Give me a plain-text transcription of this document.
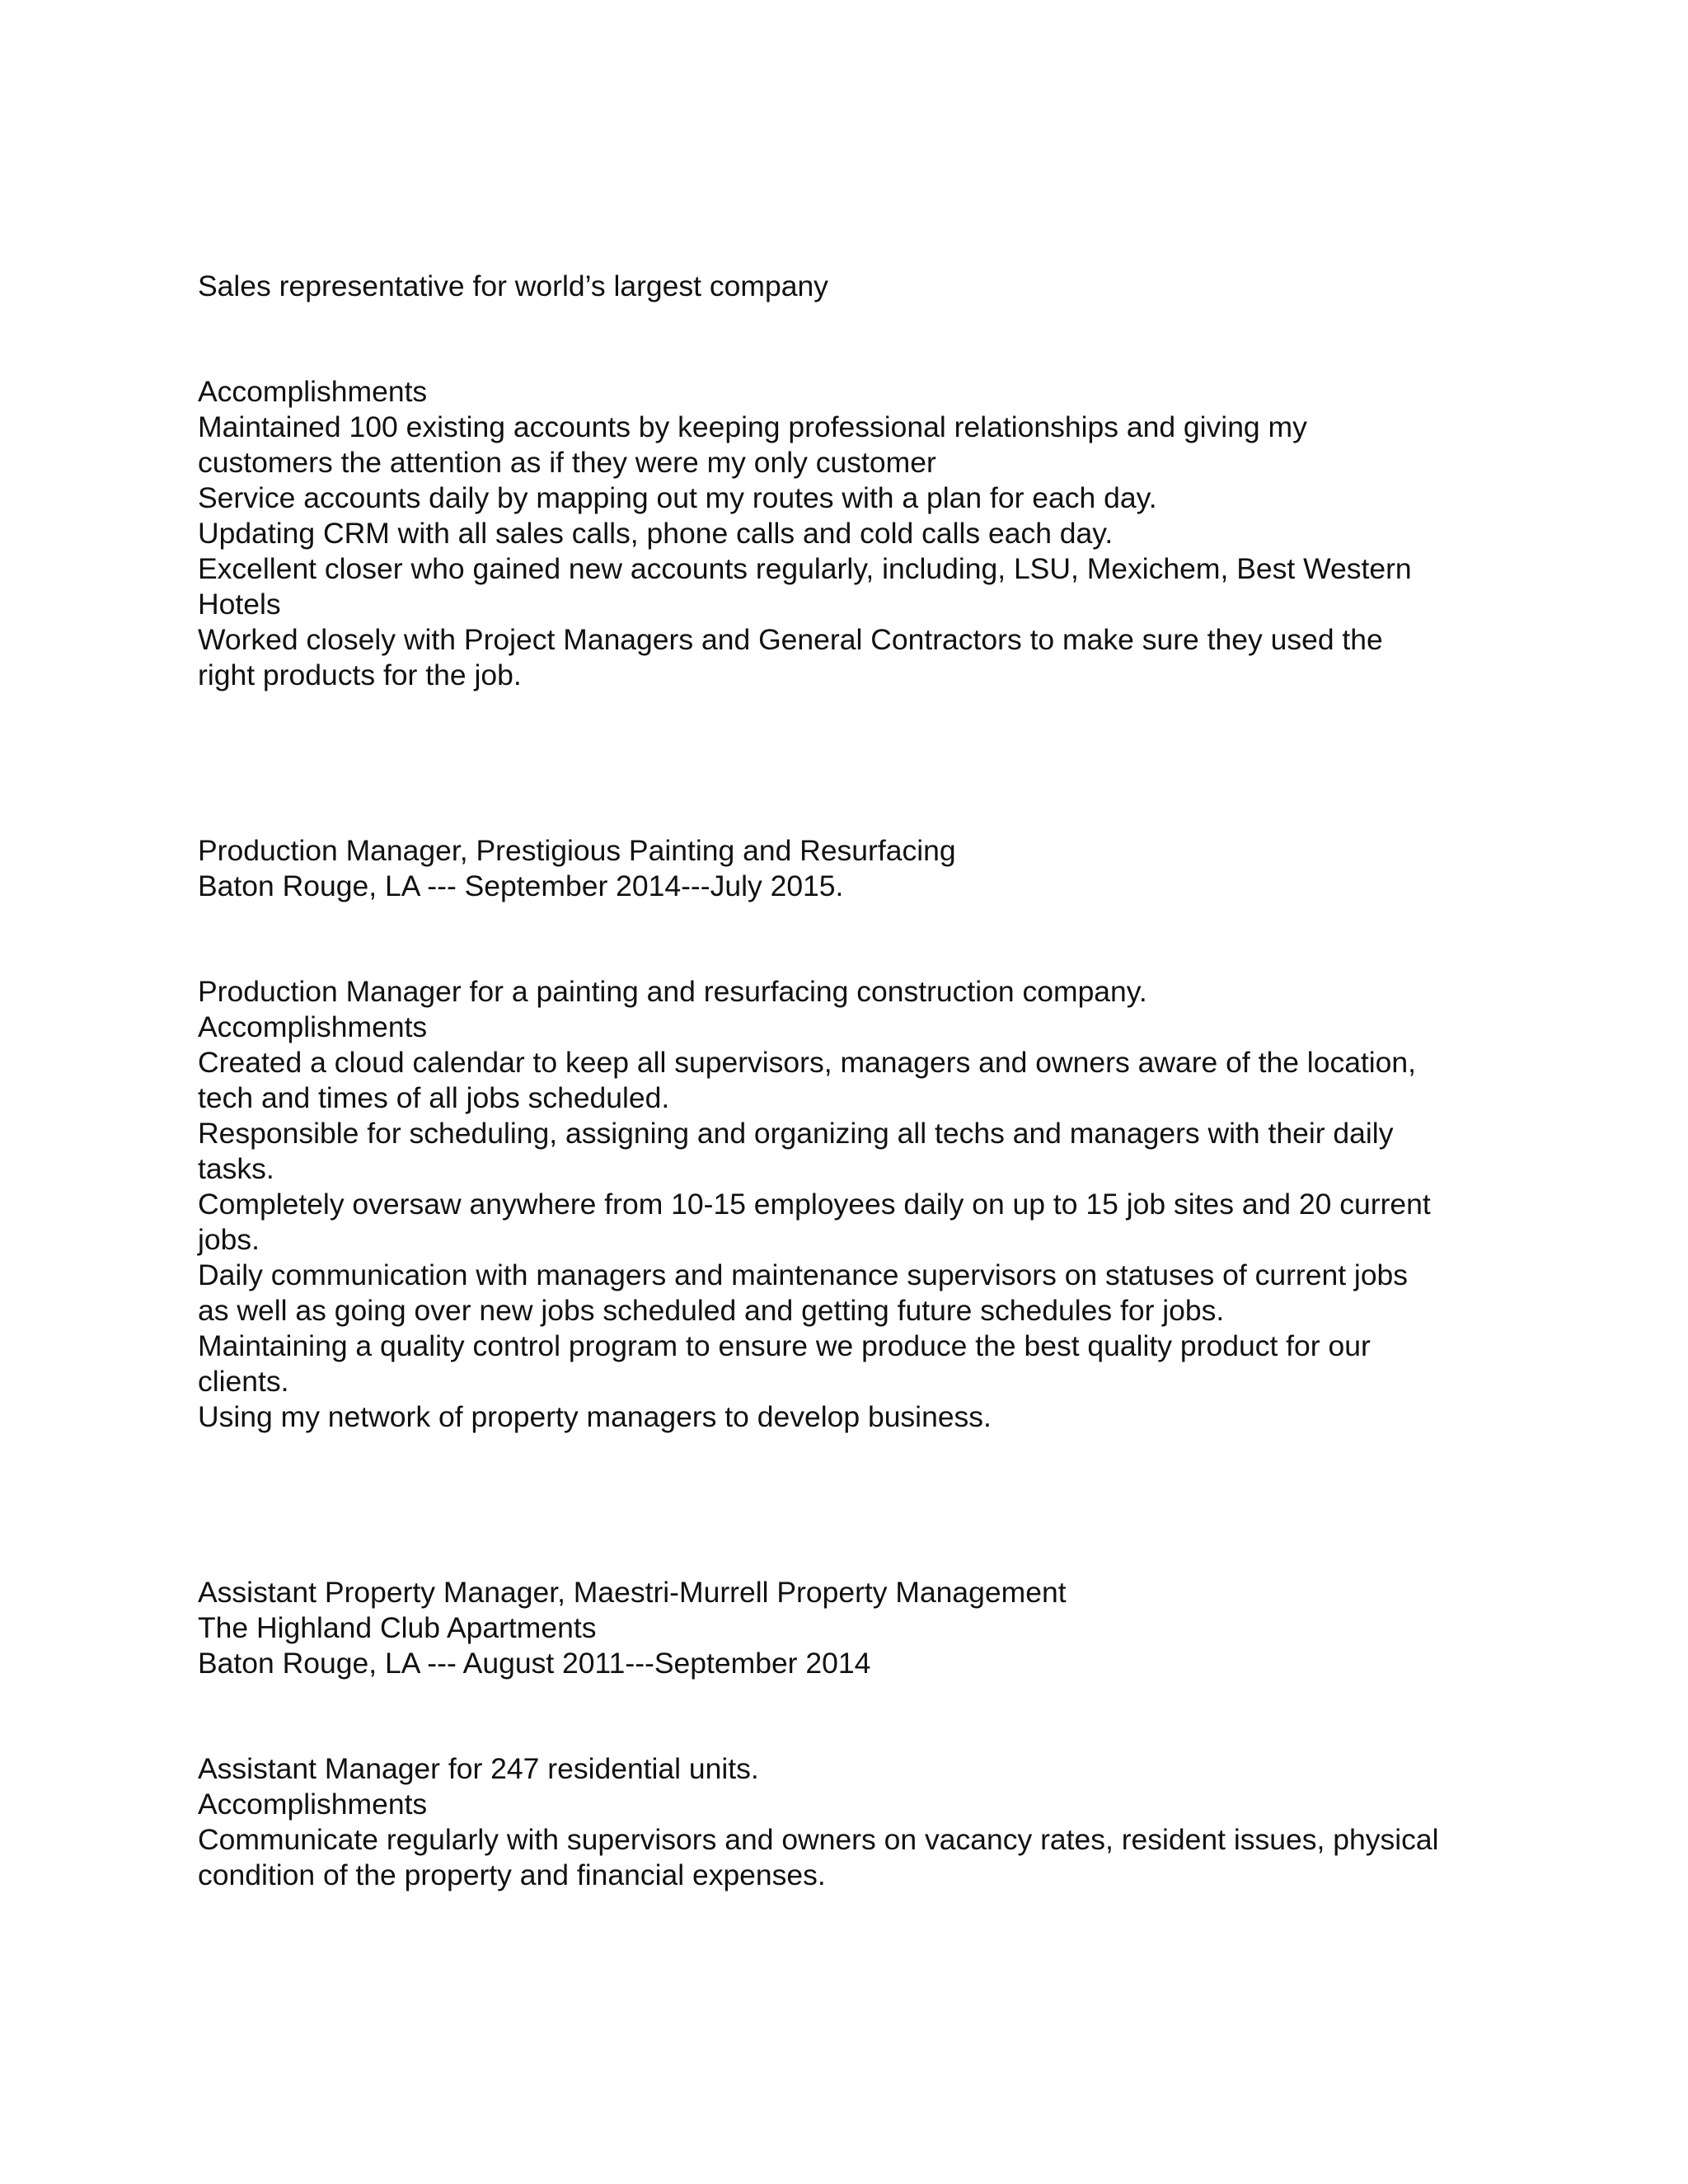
Sales representative for world’s largest company
Accomplishments
Maintained 100 existing accounts by keeping professional relationships and giving my
customers the attention as if they were my only customer
Service accounts daily by mapping out my routes with a plan for each day.
Updating CRM with all sales calls, phone calls and cold calls each day.
Excellent closer who gained new accounts regularly, including, LSU, Mexichem, Best Western
Hotels
Worked closely with Project Managers and General Contractors to make sure they used the
right products for the job.
Production Manager, Prestigious Painting and Resurfacing
Baton Rouge, LA --- September 2014---July 2015.
Production Manager for a painting and resurfacing construction company.
Accomplishments
Created a cloud calendar to keep all supervisors, managers and owners aware of the location,
tech and times of all jobs scheduled.
Responsible for scheduling, assigning and organizing all techs and managers with their daily
tasks.
Completely oversaw anywhere from 10-15 employees daily on up to 15 job sites and 20 current
jobs.
Daily communication with managers and maintenance supervisors on statuses of current jobs
as well as going over new jobs scheduled and getting future schedules for jobs.
Maintaining a quality control program to ensure we produce the best quality product for our
clients.
Using my network of property managers to develop business.
Assistant Property Manager, Maestri-Murrell Property Management
The Highland Club Apartments
Baton Rouge, LA --- August 2011---September 2014
Assistant Manager for 247 residential units.
Accomplishments
Communicate regularly with supervisors and owners on vacancy rates, resident issues, physical
condition of the property and financial expenses.
